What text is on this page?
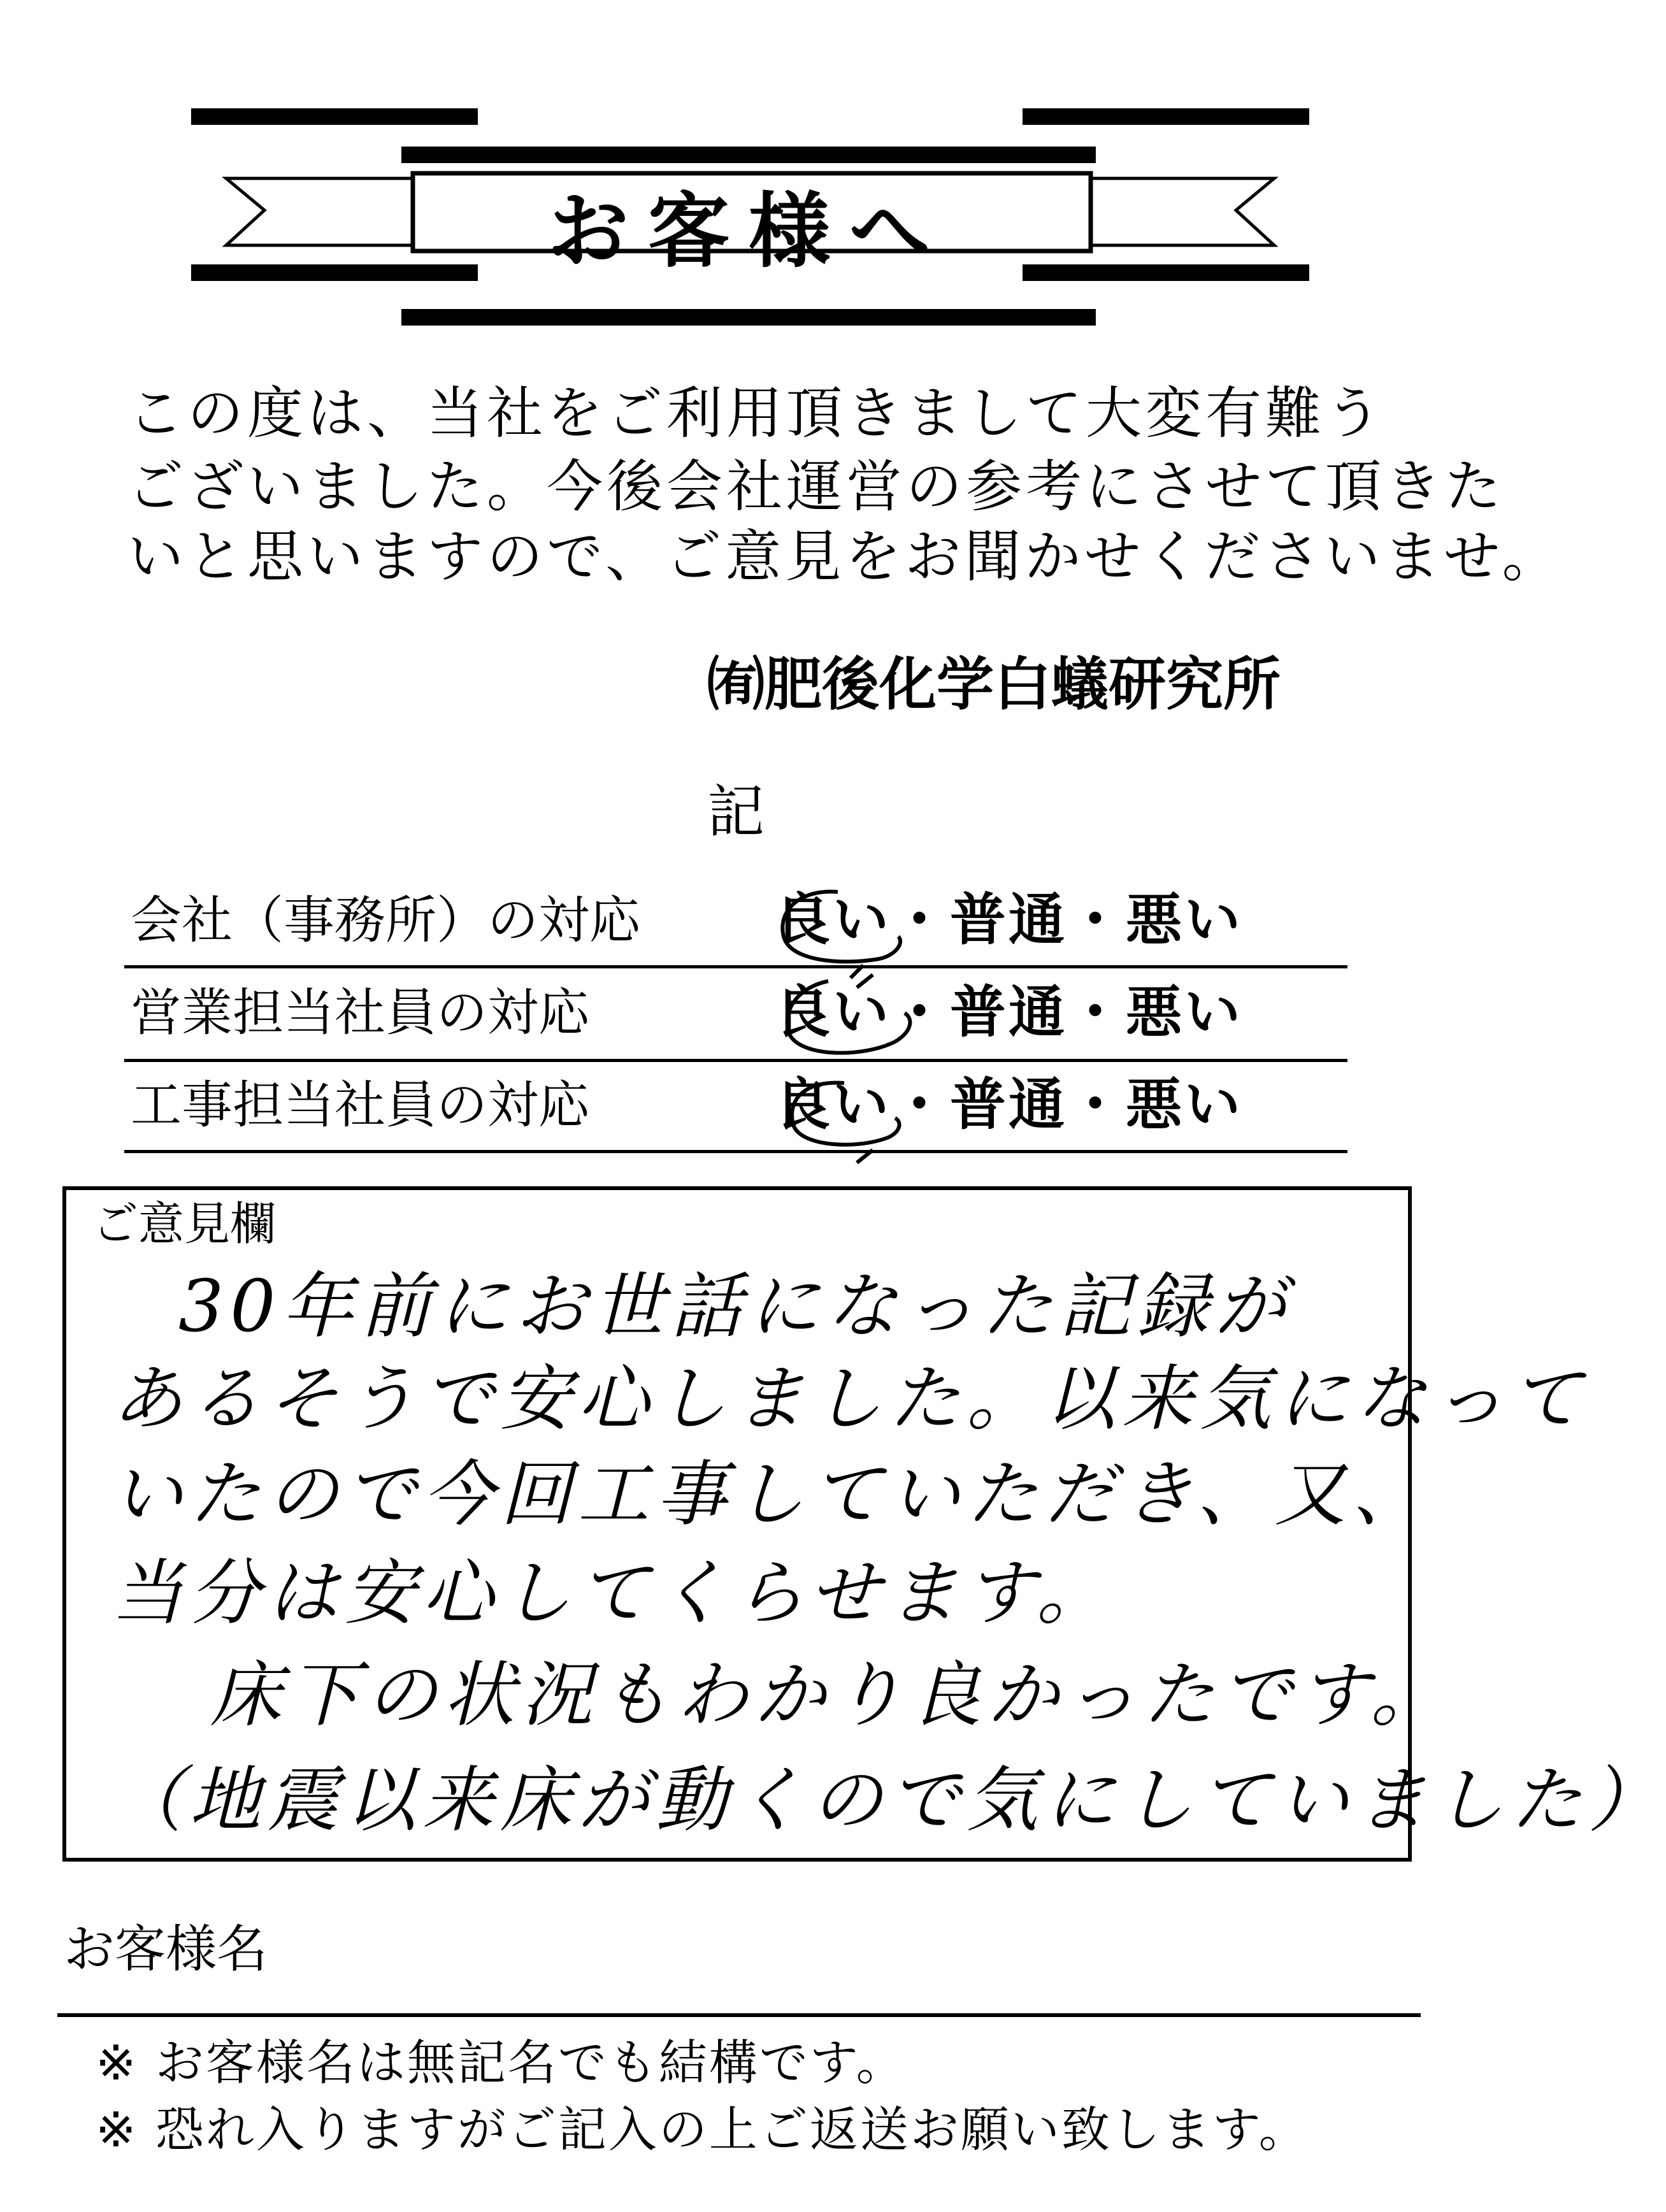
お客様へ
この度は、当社をご利用頂きまして大変有難う
ございました。今後会社運営の参考にさせて頂きた
いと思いますので、ご意見をお聞かせくださいませ。
㈲肥後化学白蟻研究所
記
会社（事務所）の対応 良い・普通・悪い
営業担当社員の対応	良い・普通・悪い
工事担当社員の対応	良い・普通・悪い
ご意見欄
30年前にお世話になった記録が
あるそうで安心しました。以来気になって
いたので今回工事していただき、又、
当分は安心してくらせます。
床下の状況もわかり良かったです。
（地震以来床が動くので気にしていました）
お客様名
※ お客様名は無記名でも結構です。
※ 恐れ入りますがご記入の上ご返送お願い致します。
